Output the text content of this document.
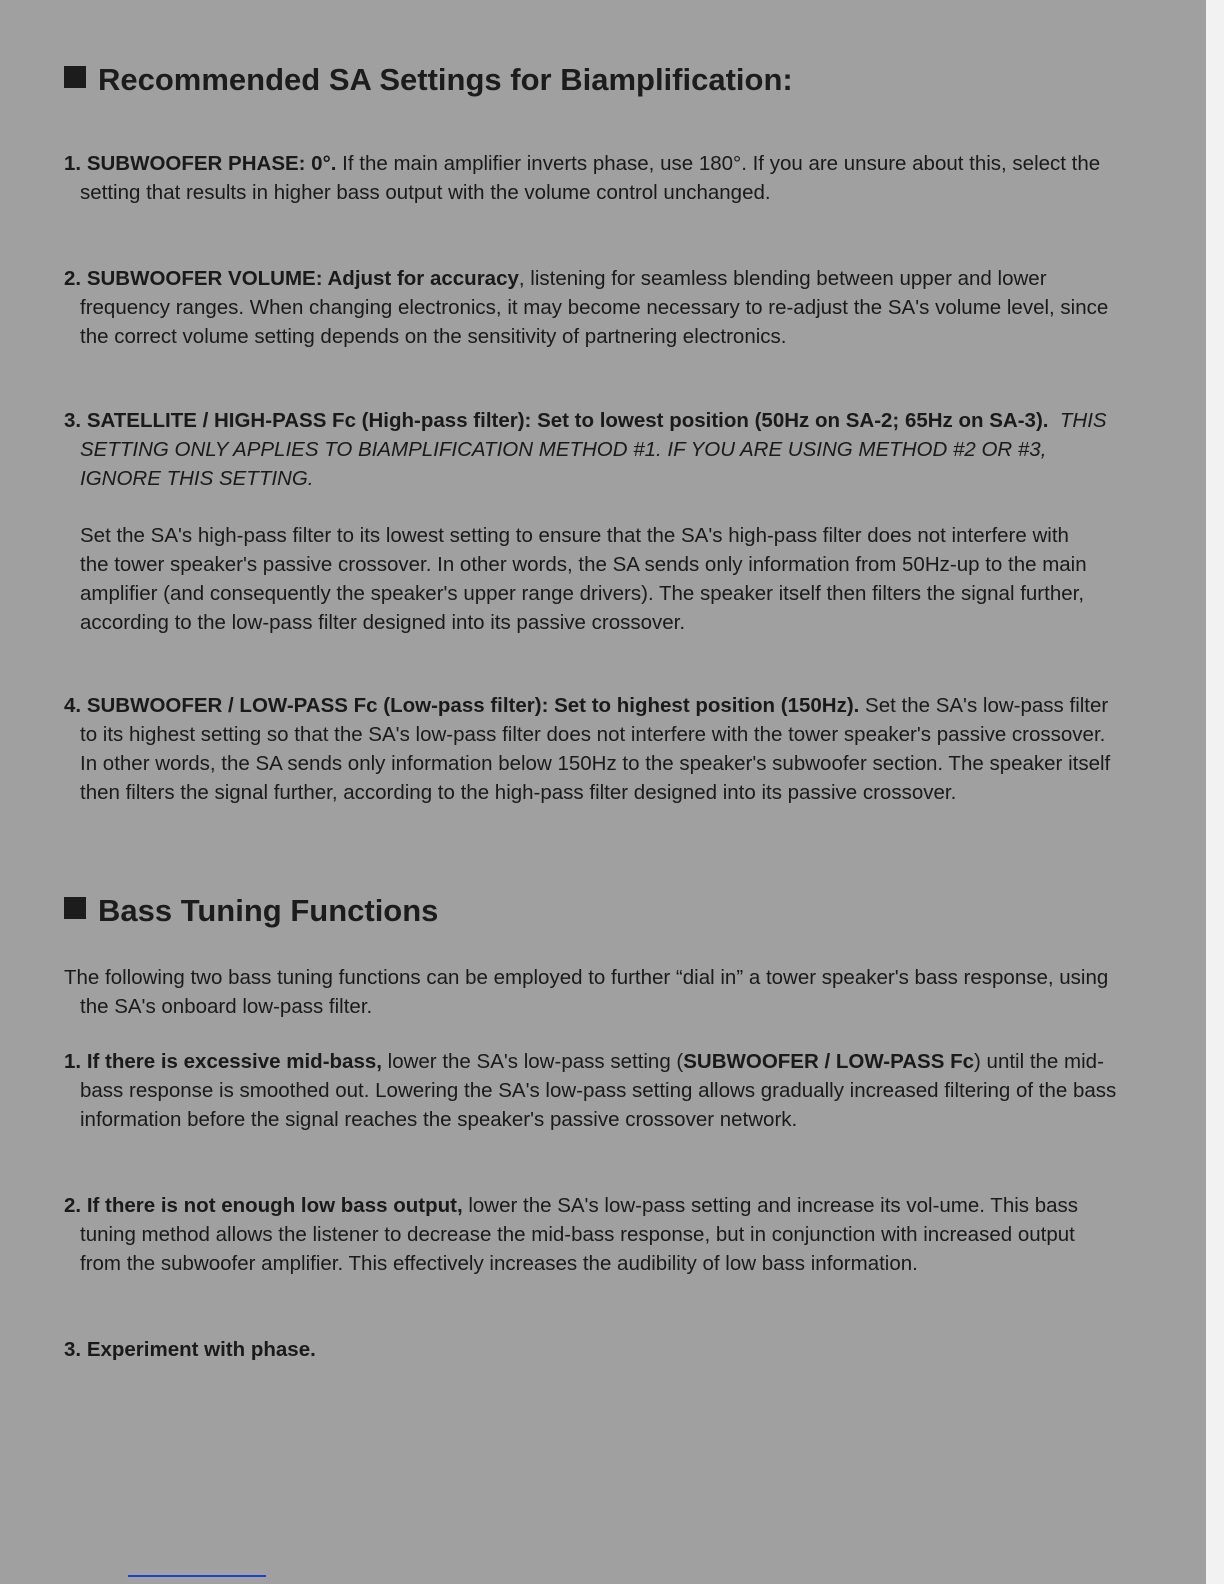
Recommended SA Settings for Biamplification:

1. SUBWOOFER PHASE: 0°. If the main amplifier inverts phase, use 180°. If you are unsure about this, select the setting that results in higher bass output with the volume control unchanged.

2. SUBWOOFER VOLUME: Adjust for accuracy, listening for seamless blending between upper and lower frequency ranges. When changing electronics, it may become necessary to re-adjust the SA's volume level, since the correct volume setting depends on the sensitivity of partnering electronics.

3. SATELLITE / HIGH-PASS Fc (High-pass filter): Set to lowest position (50Hz on SA-2; 65Hz on SA-3). THIS SETTING ONLY APPLIES TO BIAMPLIFICATION METHOD #1. IF YOU ARE USING METHOD #2 OR #3, IGNORE THIS SETTING.

Set the SA's high-pass filter to its lowest setting to ensure that the SA's high-pass filter does not interfere with the tower speaker's passive crossover. In other words, the SA sends only information from 50Hz-up to the main amplifier (and consequently the speaker's upper range drivers). The speaker itself then filters the signal further, according to the low-pass filter designed into its passive crossover.

4. SUBWOOFER / LOW-PASS Fc (Low-pass filter): Set to highest position (150Hz). Set the SA's low-pass filter to its highest setting so that the SA's low-pass filter does not interfere with the tower speaker's passive crossover. In other words, the SA sends only information below 150Hz to the speaker's subwoofer section. The speaker itself then filters the signal further, according to the high-pass filter designed into its passive crossover.

Bass Tuning Functions

The following two bass tuning functions can be employed to further “dial in” a tower speaker's bass response, using the SA's onboard low-pass filter.

1. If there is excessive mid-bass, lower the SA's low-pass setting (SUBWOOFER / LOW-PASS Fc) until the mid-bass response is smoothed out. Lowering the SA's low-pass setting allows gradually increased filtering of the bass information before the signal reaches the speaker's passive crossover network.

2. If there is not enough low bass output, lower the SA's low-pass setting and increase its vol-ume. This bass tuning method allows the listener to decrease the mid-bass response, but in conjunction with increased output from the subwoofer amplifier. This effectively increases the audibility of low bass information.

3. Experiment with phase.
